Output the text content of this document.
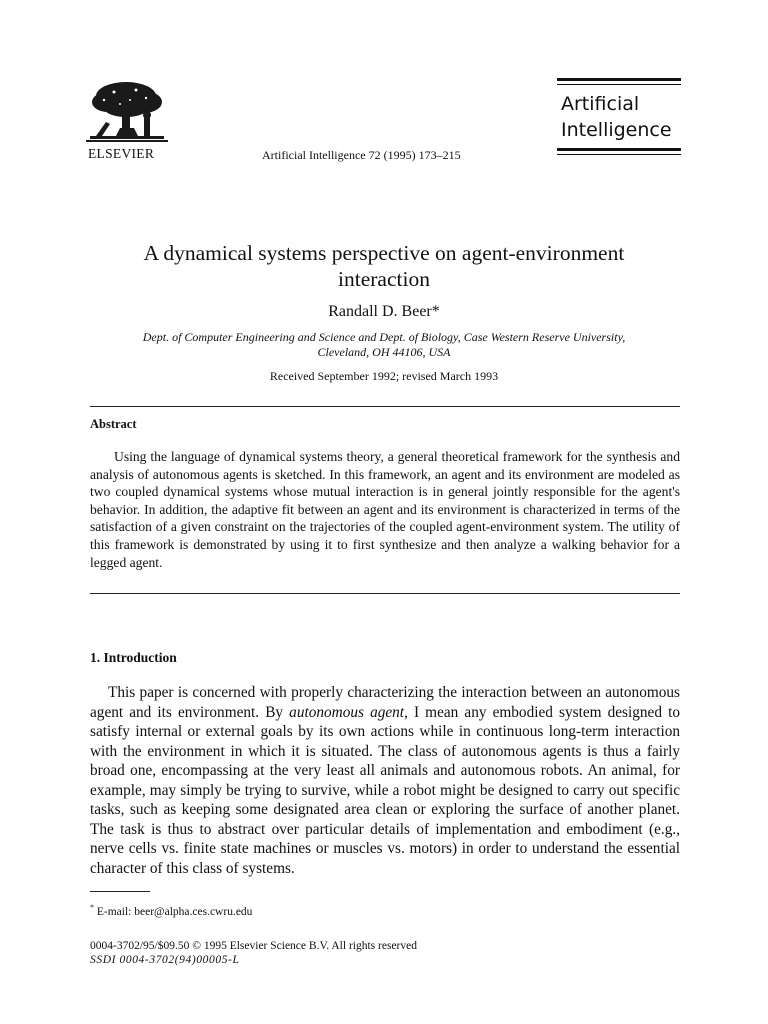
ELSEVIER	Artificial Intelligence 72 (1995) 173–215
Artificial
Intelligence
A dynamical systems perspective on agent-environment
interaction
Randall D. Beer*
Dept. of Computer Engineering and Science and Dept. of Biology, Case Western Reserve University,
Cleveland, OH 44106, USA
Received September 1992; revised March 1993
Abstract
Using the language of dynamical systems theory, a general theoretical framework for the synthesis and analysis of autonomous agents is sketched. In this framework, an agent and its environment are modeled as two coupled dynamical systems whose mutual interaction is in general jointly responsible for the agent's behavior. In addition, the adaptive fit between an agent and its environment is characterized in terms of the satisfaction of a given constraint on the trajectories of the coupled agent-environment system. The utility of this framework is demonstrated by using it to first synthesize and then analyze a walking behavior for a legged agent.
1. Introduction
This paper is concerned with properly characterizing the interaction between an autonomous agent and its environment. By autonomous agent, I mean any embodied system designed to satisfy internal or external goals by its own actions while in continuous long-term interaction with the environment in which it is situated. The class of autonomous agents is thus a fairly broad one, encompassing at the very least all animals and autonomous robots. An animal, for example, may simply be trying to survive, while a robot might be designed to carry out specific tasks, such as keeping some designated area clean or exploring the surface of another planet. The task is thus to abstract over particular details of implementation and embodiment (e.g., nerve cells vs. finite state machines or muscles vs. motors) in order to understand the essential character of this class of systems.
* E-mail: beer@alpha.ces.cwru.edu
0004-3702/95/$09.50 © 1995 Elsevier Science B.V. All rights reserved
SSDI 0004-3702(94)00005-L
